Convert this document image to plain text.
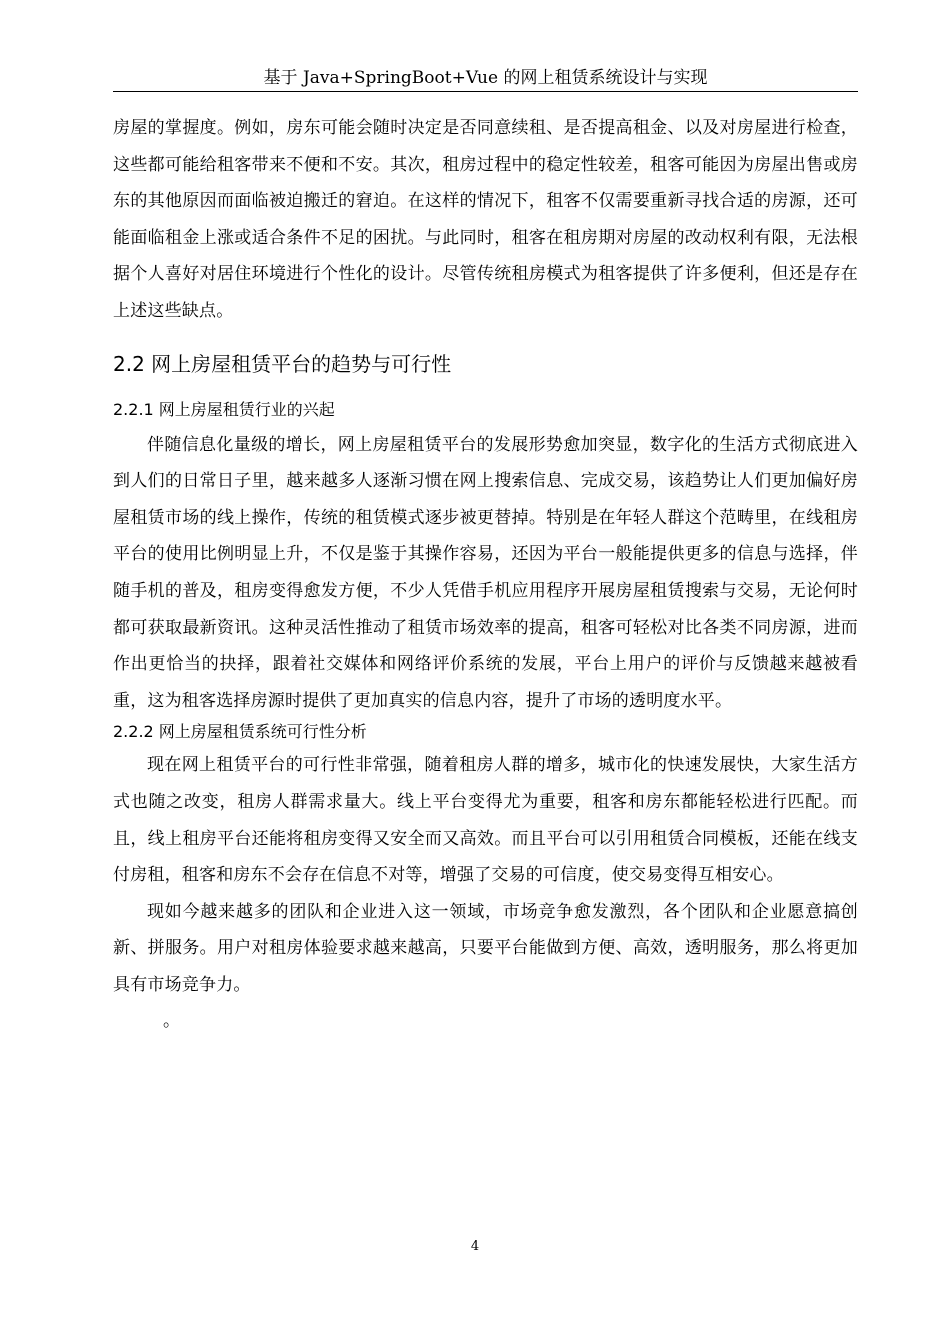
基于 Java+SpringBoot+Vue 的网上租赁系统设计与实现

房屋的掌握度。例如，房东可能会随时决定是否同意续租、是否提高租金、以及对房屋进行检查，这些都可能给租客带来不便和不安。其次，租房过程中的稳定性较差，租客可能因为房屋出售或房东的其他原因而面临被迫搬迁的窘迫。在这样的情况下，租客不仅需要重新寻找合适的房源，还可能面临租金上涨或适合条件不足的困扰。与此同时，租客在租房期对房屋的改动权利有限，无法根据个人喜好对居住环境进行个性化的设计。尽管传统租房模式为租客提供了许多便利，但还是存在上述这些缺点。

2.2 网上房屋租赁平台的趋势与可行性
2.2.1 网上房屋租赁行业的兴起

伴随信息化量级的增长，网上房屋租赁平台的发展形势愈加突显，数字化的生活方式彻底进入到人们的日常日子里，越来越多人逐渐习惯在网上搜索信息、完成交易，该趋势让人们更加偏好房屋租赁市场的线上操作，传统的租赁模式逐步被更替掉。特别是在年轻人群这个范畴里，在线租房平台的使用比例明显上升，不仅是鉴于其操作容易，还因为平台一般能提供更多的信息与选择，伴随手机的普及，租房变得愈发方便，不少人凭借手机应用程序开展房屋租赁搜索与交易，无论何时都可获取最新资讯。这种灵活性推动了租赁市场效率的提高，租客可轻松对比各类不同房源，进而作出更恰当的抉择，跟着社交媒体和网络评价系统的发展，平台上用户的评价与反馈越来越被看重，这为租客选择房源时提供了更加真实的信息内容，提升了市场的透明度水平。

2.2.2 网上房屋租赁系统可行性分析

现在网上租赁平台的可行性非常强，随着租房人群的增多，城市化的快速发展快，大家生活方式也随之改变，租房人群需求量大。线上平台变得尤为重要，租客和房东都能轻松进行匹配。而且，线上租房平台还能将租房变得又安全而又高效。而且平台可以引用租赁合同模板，还能在线支付房租，租客和房东不会存在信息不对等，增强了交易的可信度，使交易变得互相安心。

现如今越来越多的团队和企业进入这一领域，市场竞争愈发激烈，各个团队和企业愿意搞创新、拼服务。用户对租房体验要求越来越高，只要平台能做到方便、高效，透明服务，那么将更加具有市场竞争力。

。

4
